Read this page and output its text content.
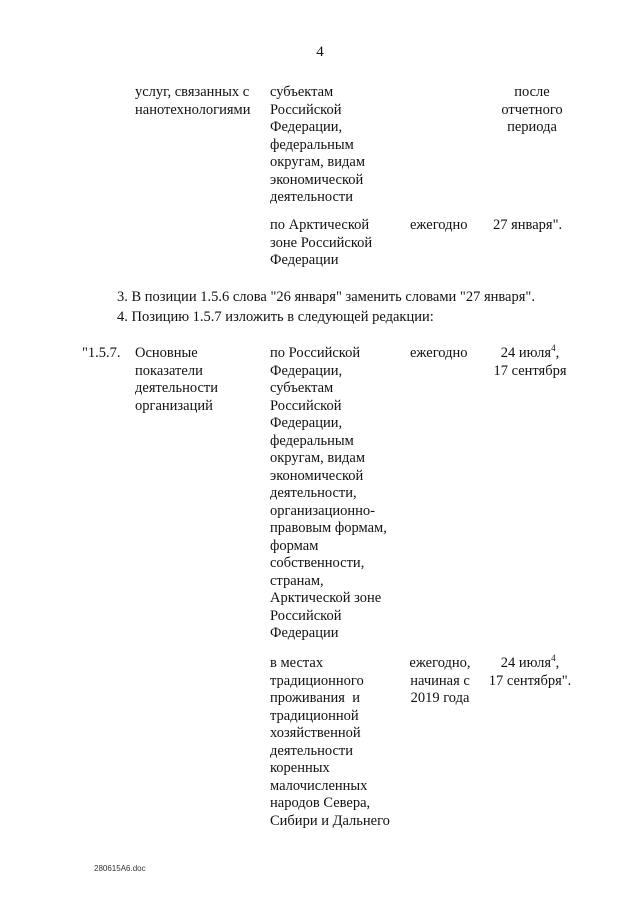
4
услуг, связанных с
нанотехнологиями
субъектам
Российской
Федерации,
федеральным
округам, видам
экономической
деятельности
после
отчетного
периода
по Арктической
зоне Российской
Федерации
ежегодно 27 января".
3. В позиции 1.5.6 слова "26 января" заменить словами "27 января".
4. Позицию 1.5.7 изложить в следующей редакции:
"1.5.7. Основные
показатели
деятельности
организаций
по Российской
Федерации,
субъектам
Российской
Федерации,
федеральным
округам, видам
экономической
деятельности,
организационно-
правовым формам,
формам
собственности,
странам,
Арктической зоне
Российской
Федерации
ежегодно	24 июля$^4$,
17 сентября
в местах
традиционного
проживания  и
традиционной
хозяйственной
деятельности
коренных
малочисленных
народов Севера,
Сибири и Дальнего
ежегодно,
начиная с
2019 года
24 июля$^4$,
17 сентября".
280615A6.doc
